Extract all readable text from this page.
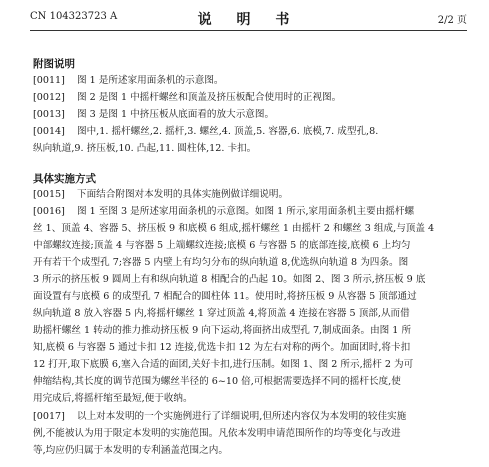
CN 104323723 A	说 明 书	2/2 页
附图说明
[0011] 图 1 是所述家用面条机的示意图。
[0012] 图 2 是图 1 中摇杆螺丝和顶盖及挤压板配合使用时的正视图。
[0013] 图 3 是图 1 中挤压板从底面看的放大示意图。
[0014] 图中,1. 摇杆螺丝,2. 摇杆,3. 螺丝,4. 顶盖,5. 容器,6. 底模,7. 成型孔,8.
纵向轨道,9. 挤压板,10. 凸起,11. 圆柱体,12. 卡扣。
具体实施方式
[0015] 下面结合附图对本发明的具体实施例做详细说明。
[0016] 图 1 至图 3 是所述家用面条机的示意图。如图 1 所示,家用面条机主要由摇杆螺
丝 1、顶盖 4、容器 5、挤压板 9 和底模 6 组成,摇杆螺丝 1 由摇杆 2 和螺丝 3 组成,与顶盖 4
中部螺纹连接;顶盖 4 与容器 5 上端螺纹连接;底模 6 与容器 5 的底部连接,底模 6 上均匀
开有若干个成型孔 7;容器 5 内壁上有均匀分布的纵向轨道 8,优选纵向轨道 8 为四条。图
3 所示的挤压板 9 圆周上有和纵向轨道 8 相配合的凸起 10。如图 2、图 3 所示,挤压板 9 底
面设置有与底模 6 的成型孔 7 相配合的圆柱体 11。使用时,将挤压板 9 从容器 5 顶部通过
纵向轨道 8 放入容器 5 内,将摇杆螺丝 1 穿过顶盖 4,将顶盖 4 连接在容器 5 顶部,从而借
助摇杆螺丝 1 转动的推力推动挤压板 9 向下运动,将面挤出成型孔 7,制成面条。由图 1 所
知,底模 6 与容器 5 通过卡扣 12 连接,优选卡扣 12 为左右对称的两个。加面团时,将卡扣
12 打开,取下底膜 6,塞入合适的面团,关好卡扣,进行压制。如图 1、图 2 所示,摇杆 2 为可
伸缩结构,其长度的调节范围为螺丝半径的 6~10 倍,可根据需要选择不同的摇杆长度,使
用完成后,将摇杆缩至最短,便于收纳。
[0017] 以上对本发明的一个实施例进行了详细说明,但所述内容仅为本发明的较佳实施
例,不能被认为用于限定本发明的实施范围。凡依本发明申请范围所作的均等变化与改进
等,均应仍归属于本发明的专利涵盖范围之内。
